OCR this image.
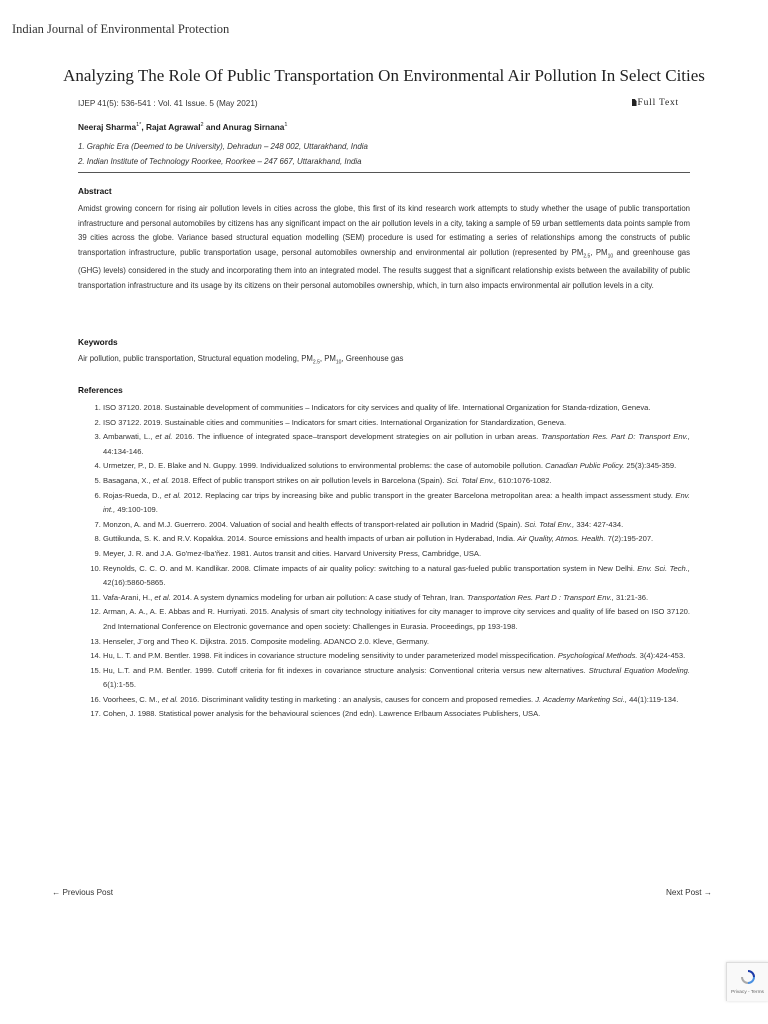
Indian Journal of Environmental Protection
Analyzing The Role Of Public Transportation On Environmental Air Pollution In Select Cities
IJEP 41(5): 536-541 : Vol. 41 Issue. 5 (May 2021)	Full Text
Neeraj Sharma$^{1*}$, Rajat Agrawal$^2$ and Anurag Sirnana$^1$
1. Graphic Era (Deemed to be University), Dehradun – 248 002, Uttarakhand, India
2. Indian Institute of Technology Roorkee, Roorkee – 247 667, Uttarakhand, India
Abstract

Amidst growing concern for rising air pollution levels in cities across the globe, this first of its kind research work attempts to study whether the usage of public transportation infrastructure and personal automobiles by citizens has any significant impact on the air pollution levels in a city, taking a sample of 59 urban settlements data points sample from 39 cities across the globe. Variance based structural equation modelling (SEM) procedure is used for estimating a series of relationships among the constructs of public transportation infrastructure, public transportation usage, personal automobiles ownership and environmental air pollution (represented by $PM_{2.5}$, $PM_{10}$ and greenhouse gas (GHG) levels) considered in the study and incorporating them into an integrated model. The results suggest that a significant relationship exists between the availability of public transportation infrastructure and its usage by its citizens on their personal automobiles ownership, which, in turn also impacts environmental air pollution levels in a city.

Keywords

Air pollution, public transportation, Structural equation modeling, $PM_{2.5}$, $PM_{10}$, Greenhouse gas

References
1. ISO 37120. 2018. Sustainable development of communities – Indicators for city services and quality of life. International Organization for Standa-rdization, Geneva.
2. ISO 37122. 2019. Sustainable cities and communities – Indicators for smart cities. International Organization for Standardization, Geneva.
3. Ambarwati, L., et al. 2016. The influence of integrated space–transport development strategies on air pollution in urban areas. Transportation Res. Part D: Transport Env., 44:134-146.
4. Urmetzer, P., D. E. Blake and N. Guppy. 1999. Individualized solutions to environmental problems: the case of automobile pollution. Canadian Public Policy. 25(3):345-359.
5. Basagana, X., et al. 2018. Effect of public transport strikes on air pollution levels in Barcelona (Spain). Sci. Total Env., 610:1076-1082.
6. Rojas-Rueda, D., et al. 2012. Replacing car trips by increasing bike and public transport in the greater Barcelona metropolitan area: a health impact assessment study. Env. int., 49:100-109.
7. Monzon, A. and M.J. Guerrero. 2004. Valuation of social and health effects of transport-related air pollution in Madrid (Spain). Sci. Total Env., 334: 427-434.
8. Guttikunda, S. K. and R.V. Kopakka. 2014. Source emissions and health impacts of urban air pollution in Hyderabad, India. Air Quality, Atmos. Health. 7(2):195-207.
9. Meyer, J. R. and J.A. Go'mez-Iba'ñez. 1981. Autos transit and cities. Harvard University Press, Cambridge, USA.
10. Reynolds, C. C. O. and M. Kandlikar. 2008. Climate impacts of air quality policy: switching to a natural gas-fueled public transportation system in New Delhi. Env. Sci. Tech., 42(16):5860-5865.
11. Vafa-Arani, H., et al. 2014. A system dynamics modeling for urban air pollution: A case study of Tehran, Iran. Transportation Res. Part D : Transport Env., 31:21-36.
12. Arman, A. A., A. E. Abbas and R. Hurriyati. 2015. Analysis of smart city technology initiatives for city manager to improve city services and quality of life based on ISO 37120. 2nd International Conference on Electronic governance and open society: Challenges in Eurasia. Proceedings, pp 193-198.
13. Henseler, J¨org and Theo K. Dijkstra. 2015. Composite modeling. ADANCO 2.0. Kleve, Germany.
14. Hu, L. T. and P.M. Bentler. 1998. Fit indices in covariance structure modeling sensitivity to under parameterized model misspecification. Psychological Methods. 3(4):424-453.
15. Hu, L.T. and P.M. Bentler. 1999. Cutoff criteria for fit indexes in covariance structure analysis: Conventional criteria versus new alternatives. Structural Equation Modeling. 6(1):1-55.
16. Voorhees, C. M., et al. 2016. Discriminant validity testing in marketing : an analysis, causes for concern and proposed remedies. J. Academy Marketing Sci., 44(1):119-134.
17. Cohen, J. 1988. Statistical power analysis for the behavioural sciences (2nd edn). Lawrence Erlbaum Associates Publishers, USA.
← Previous Post	Next Post →
Privacy - Terms
